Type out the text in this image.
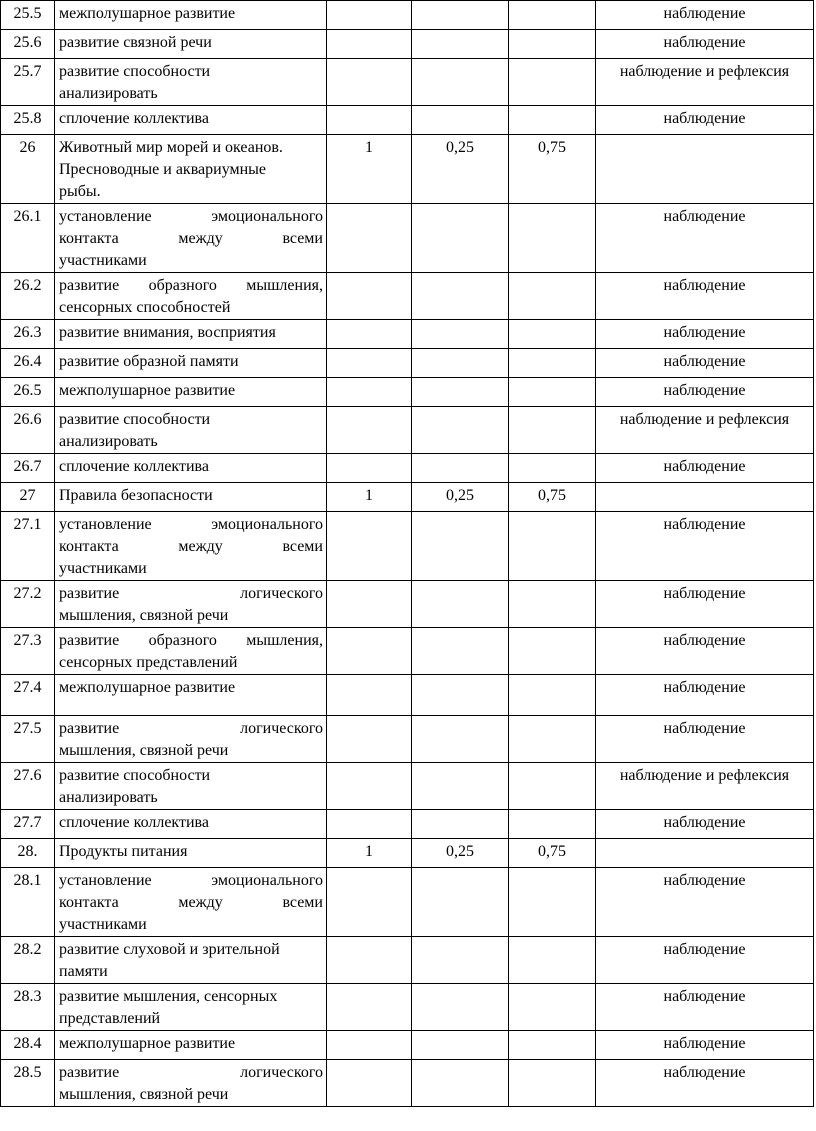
25.5	межполушарное развитие				наблюдение
25.6	развитие связной речи				наблюдение
25.7	развитие способности
анализировать				наблюдение и рефлексия
25.8	сплочение коллектива				наблюдение
26	Животный мир морей и океанов.
Пресноводные и аквариумные
рыбы.	1	0,25	0,75	
26.1	установление эмоционального
контакта между всеми
участниками				наблюдение
26.2	развитие образного мышления,
сенсорных способностей				наблюдение
26.3	развитие внимания, восприятия				наблюдение
26.4	развитие образной памяти				наблюдение
26.5	межполушарное развитие				наблюдение
26.6	развитие способности
анализировать				наблюдение и рефлексия
26.7	сплочение коллектива				наблюдение
27	Правила безопасности	1	0,25	0,75	
27.1	установление эмоционального
контакта между всеми
участниками				наблюдение
27.2	развитие логического
мышления, связной речи				наблюдение
27.3	развитие образного мышления,
сенсорных представлений				наблюдение
27.4	межполушарное развитие				наблюдение
27.5	развитие логического
мышления, связной речи				наблюдение
27.6	развитие способности
анализировать				наблюдение и рефлексия
27.7	сплочение коллектива				наблюдение
28.	Продукты питания	1	0,25	0,75	
28.1	установление эмоционального
контакта между всеми
участниками				наблюдение
28.2	развитие слуховой и зрительной
памяти				наблюдение
28.3	развитие мышления, сенсорных
представлений				наблюдение
28.4	межполушарное развитие				наблюдение
28.5	развитие логического
мышления, связной речи				наблюдение
